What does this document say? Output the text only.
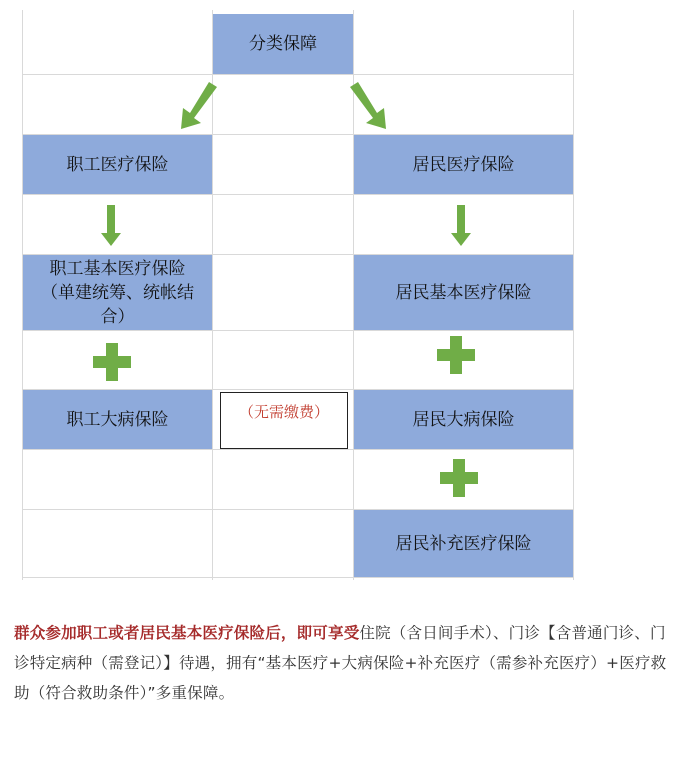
分类保障
职工医疗保险	居民医疗保险
职工基本医疗保险（单建统筹、统帐结合）
居民基本医疗保险
职工大病保险	居民大病保险
居民补充医疗保险
（无需缴费）
群众参加职工或者居民基本医疗保险后，即可享受住院（含日间手术）、门诊【含普通门诊、门诊特定病种（需登记）】待遇，拥有“基本医疗+大病保险+补充医疗（需参补充医疗）+医疗救助（符合救助条件）”多重保障。
